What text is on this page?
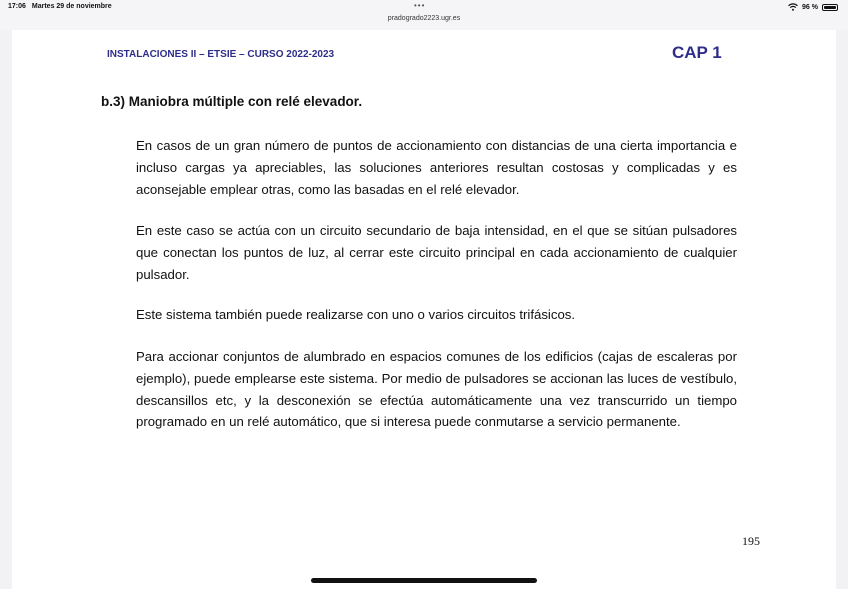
17:06 Martes 29 de noviembre	•••
pradogrado2223.ugr.es
96 %
INSTALACIONES II – ETSIE – CURSO 2022-2023	CAP 1
b.3) Maniobra múltiple con relé elevador.

En casos de un gran número de puntos de accionamiento con distancias de una cierta importancia e incluso cargas ya apreciables, las soluciones anteriores resultan costosas y complicadas y es aconsejable emplear otras, como las basadas en el relé elevador.

En este caso se actúa con un circuito secundario de baja intensidad, en el que se sitúan pulsadores que conectan los puntos de luz, al cerrar este circuito principal en cada accionamiento de cualquier pulsador.

Este sistema también puede realizarse con uno o varios circuitos trifásicos.

Para accionar conjuntos de alumbrado en espacios comunes de los edificios (cajas de escaleras por ejemplo), puede emplearse este sistema. Por medio de pulsadores se accionan las luces de vestíbulo, descansillos etc, y la desconexión se efectúa automáticamente una vez transcurrido un tiempo programado en un relé automático, que si interesa puede conmutarse a servicio permanente.

195
